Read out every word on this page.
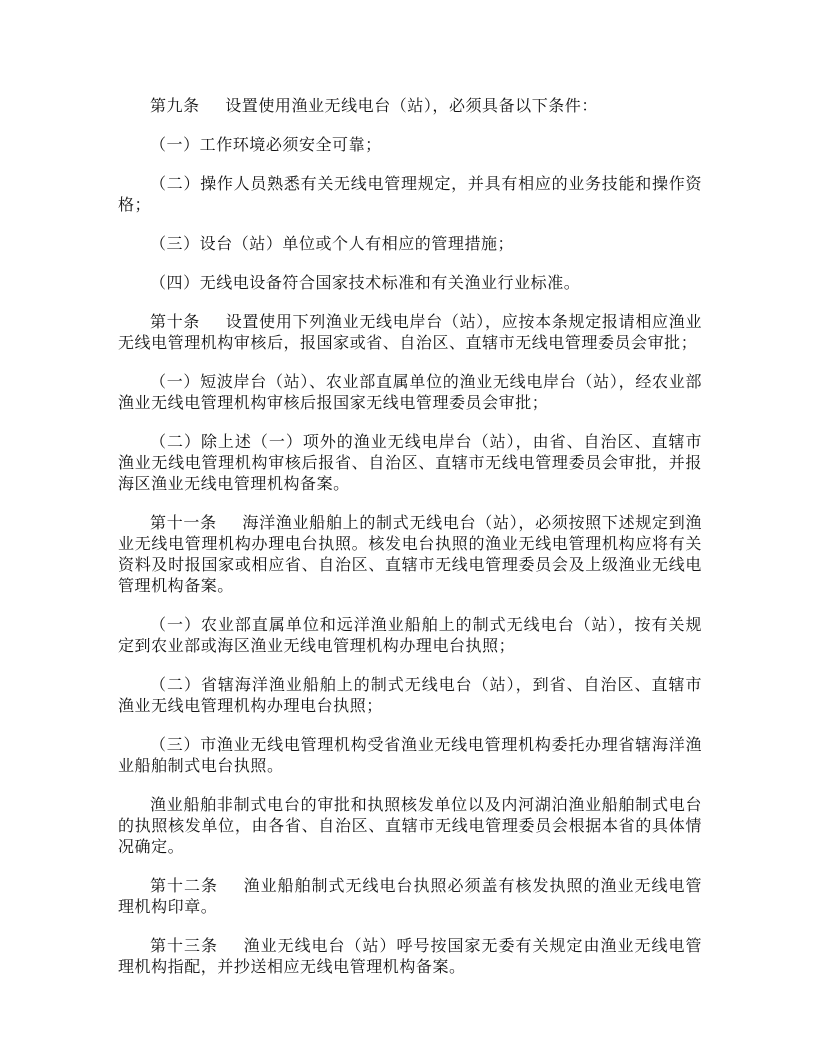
第九条 设置使用渔业无线电台（站），必须具备以下条件：

（一）工作环境必须安全可靠；

（二）操作人员熟悉有关无线电管理规定，并具有相应的业务技能和操作资格；

（三）设台（站）单位或个人有相应的管理措施；

（四）无线电设备符合国家技术标准和有关渔业行业标准。

第十条 设置使用下列渔业无线电岸台（站），应按本条规定报请相应渔业无线电管理机构审核后，报国家或省、自治区、直辖市无线电管理委员会审批；

（一）短波岸台（站）、农业部直属单位的渔业无线电岸台（站），经农业部渔业无线电管理机构审核后报国家无线电管理委员会审批；

（二）除上述（一）项外的渔业无线电岸台（站），由省、自治区、直辖市渔业无线电管理机构审核后报省、自治区、直辖市无线电管理委员会审批，并报海区渔业无线电管理机构备案。

第十一条 海洋渔业船舶上的制式无线电台（站），必须按照下述规定到渔业无线电管理机构办理电台执照。核发电台执照的渔业无线电管理机构应将有关资料及时报国家或相应省、自治区、直辖市无线电管理委员会及上级渔业无线电管理机构备案。

（一）农业部直属单位和远洋渔业船舶上的制式无线电台（站），按有关规定到农业部或海区渔业无线电管理机构办理电台执照；

（二）省辖海洋渔业船舶上的制式无线电台（站），到省、自治区、直辖市渔业无线电管理机构办理电台执照；

（三）市渔业无线电管理机构受省渔业无线电管理机构委托办理省辖海洋渔业船舶制式电台执照。

渔业船舶非制式电台的审批和执照核发单位以及内河湖泊渔业船舶制式电台的执照核发单位，由各省、自治区、直辖市无线电管理委员会根据本省的具体情况确定。

第十二条 渔业船舶制式无线电台执照必须盖有核发执照的渔业无线电管理机构印章。

第十三条 渔业无线电台（站）呼号按国家无委有关规定由渔业无线电管理机构指配，并抄送相应无线电管理机构备案。
